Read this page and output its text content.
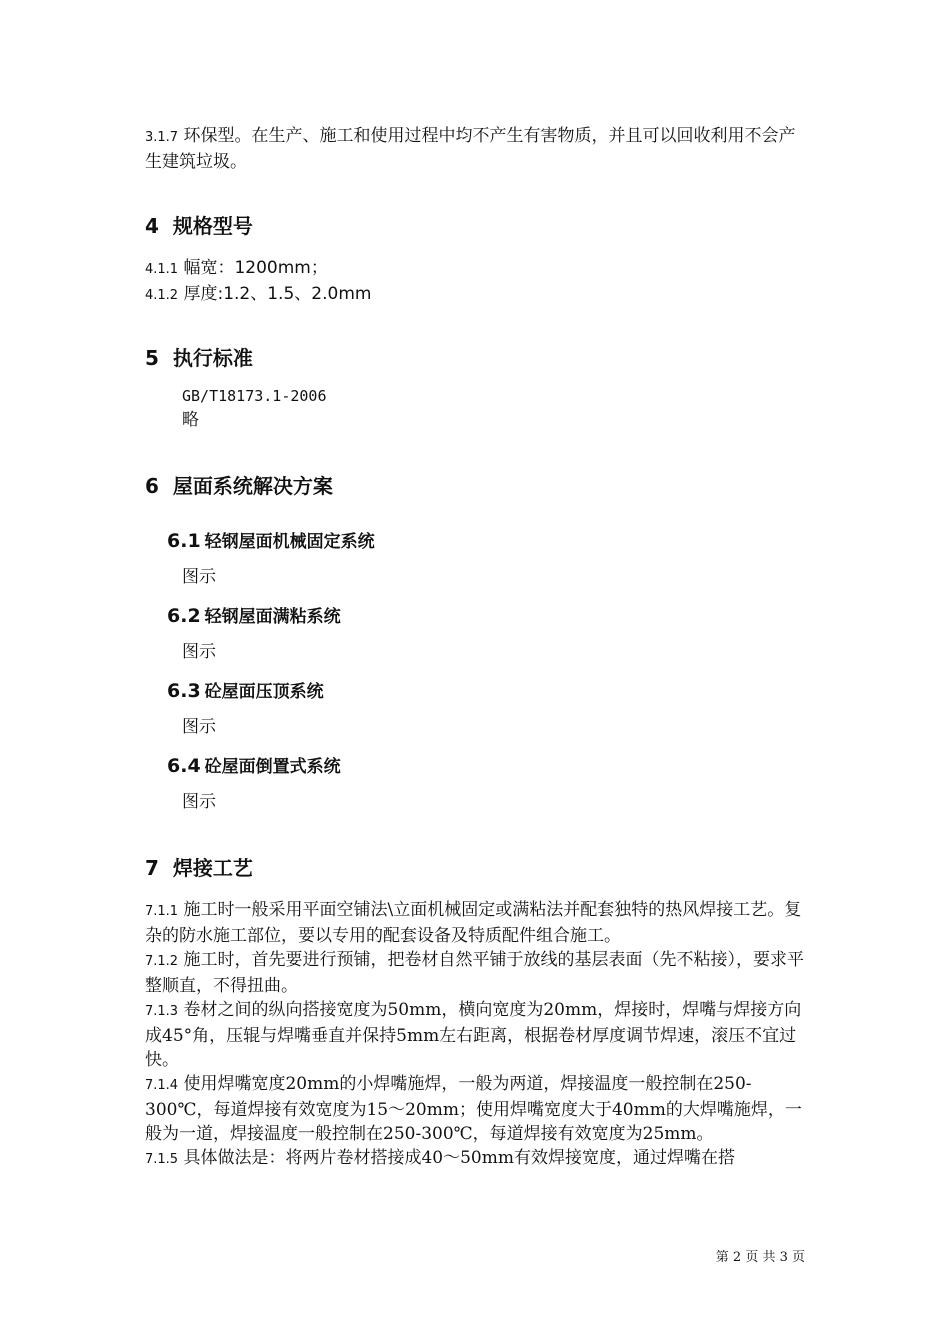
3.1.7 环保型。在生产、施工和使用过程中均不产生有害物质，并且可以回收利用不会产生建筑垃圾。

4 规格型号

4.1.1 幅宽：1200mm；

4.1.2 厚度:1.2、1.5、2.0mm

5 执行标准

GB/T18173.1-2006

略

6 屋面系统解决方案
6.1 轻钢屋面机械固定系统

图示

6.2 轻钢屋面满粘系统

图示

6.3 砼屋面压顶系统

图示

6.4 砼屋面倒置式系统

图示

7 焊接工艺

7.1.1 施工时一般采用平面空铺法\立面机械固定或满粘法并配套独特的热风焊接工艺。复杂的防水施工部位，要以专用的配套设备及特质配件组合施工。

7.1.2 施工时，首先要进行预铺，把卷材自然平铺于放线的基层表面（先不粘接），要求平整顺直，不得扭曲。

7.1.3 卷材之间的纵向搭接宽度为50mm，横向宽度为20mm，焊接时，焊嘴与焊接方向成45°角，压辊与焊嘴垂直并保持5mm左右距离，根据卷材厚度调节焊速，滚压不宜过快。

7.1.4 使用焊嘴宽度20mm的小焊嘴施焊，一般为两道，焊接温度一般控制在250-300℃，每道焊接有效宽度为15～20mm；使用焊嘴宽度大于40mm的大焊嘴施焊，一般为一道，焊接温度一般控制在250-300℃，每道焊接有效宽度为25mm。

7.1.5 具体做法是：将两片卷材搭接成40～50mm有效焊接宽度，通过焊嘴在搭

第 2 页 共 3 页
